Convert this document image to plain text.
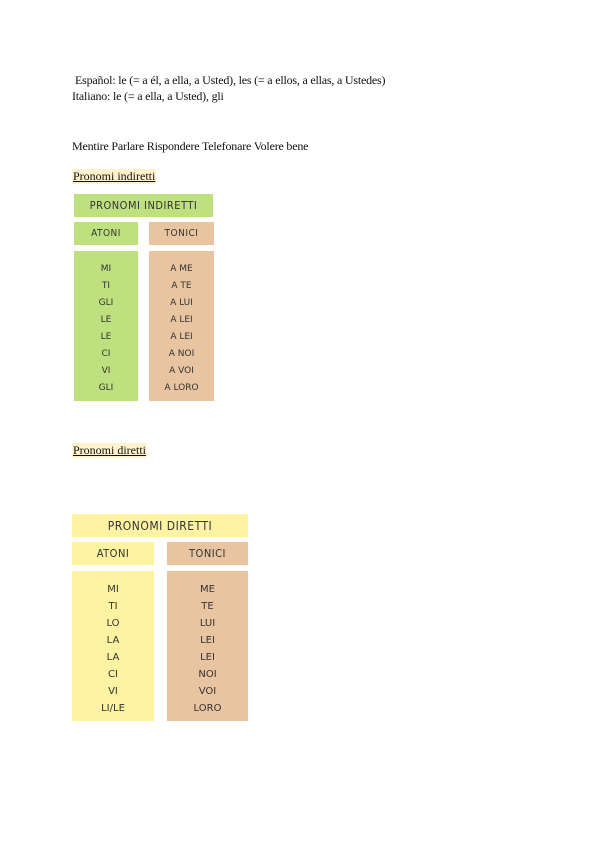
Español: le (= a él, a ella, a Usted), les (= a ellos, a ellas, a Ustedes)
Italiano: le (= a ella, a Usted), gli
Mentire Parlare Rispondere Telefonare Volere bene
Pronomi indiretti
PRONOMI INDIRETTI
ATONI	TONICI
MI
TI
GLI
LE
LE
CI
VI
GLI
A ME
A TE
A LUI
A LEI
A LEI
A NOI
A VOI
A LORO
Pronomi diretti
PRONOMI DIRETTI
ATONI	TONICI
MI
TI
LO
LA
LA
CI
VI
LI/LE
ME
TE
LUI
LEI
LEI
NOI
VOI
LORO
